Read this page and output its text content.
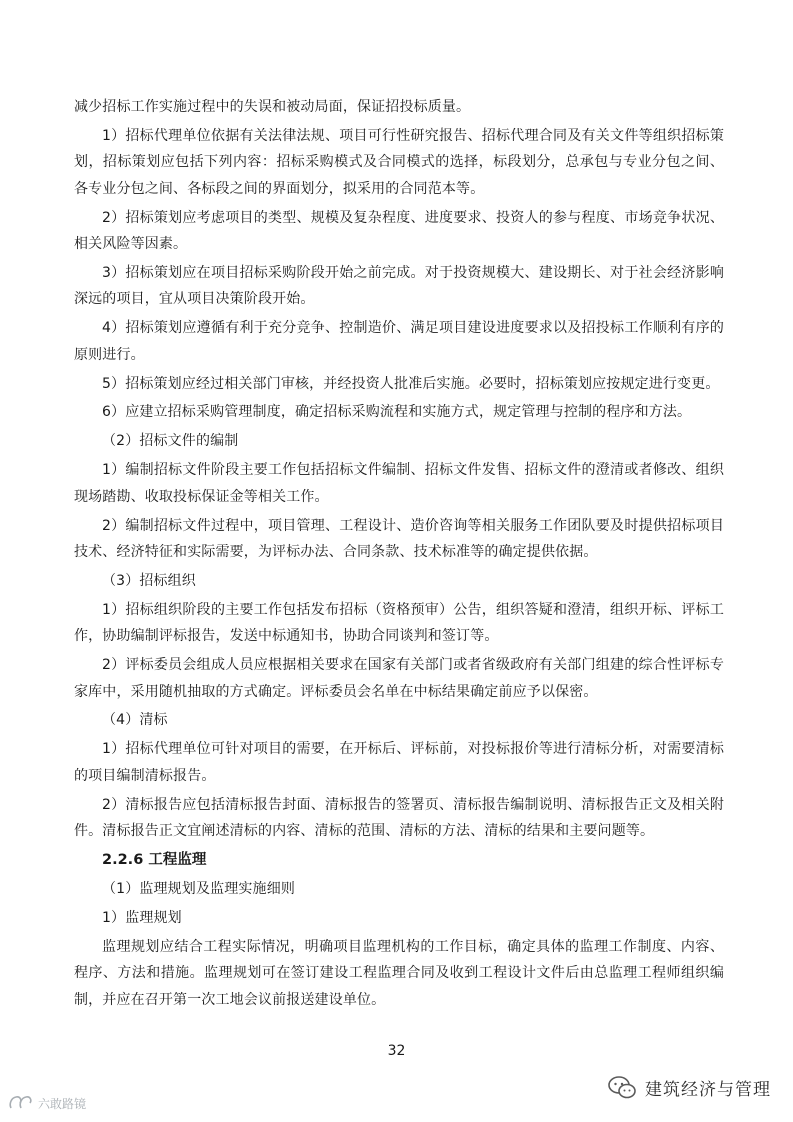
减少招标工作实施过程中的失误和被动局面，保证招投标质量。

1）招标代理单位依据有关法律法规、项目可行性研究报告、招标代理合同及有关文件等组织招标策划，招标策划应包括下列内容：招标采购模式及合同模式的选择，标段划分，总承包与专业分包之间、各专业分包之间、各标段之间的界面划分，拟采用的合同范本等。

2）招标策划应考虑项目的类型、规模及复杂程度、进度要求、投资人的参与程度、市场竞争状况、相关风险等因素。

3）招标策划应在项目招标采购阶段开始之前完成。对于投资规模大、建设期长、对于社会经济影响深远的项目，宜从项目决策阶段开始。

4）招标策划应遵循有利于充分竞争、控制造价、满足项目建设进度要求以及招投标工作顺利有序的原则进行。

5）招标策划应经过相关部门审核，并经投资人批准后实施。必要时，招标策划应按规定进行变更。

6）应建立招标采购管理制度，确定招标采购流程和实施方式，规定管理与控制的程序和方法。

（2）招标文件的编制

1）编制招标文件阶段主要工作包括招标文件编制、招标文件发售、招标文件的澄清或者修改、组织现场踏勘、收取投标保证金等相关工作。

2）编制招标文件过程中，项目管理、工程设计、造价咨询等相关服务工作团队要及时提供招标项目技术、经济特征和实际需要，为评标办法、合同条款、技术标准等的确定提供依据。

（3）招标组织

1）招标组织阶段的主要工作包括发布招标（资格预审）公告，组织答疑和澄清，组织开标、评标工作，协助编制评标报告，发送中标通知书，协助合同谈判和签订等。

2）评标委员会组成人员应根据相关要求在国家有关部门或者省级政府有关部门组建的综合性评标专家库中，采用随机抽取的方式确定。评标委员会名单在中标结果确定前应予以保密。

（4）清标

1）招标代理单位可针对项目的需要，在开标后、评标前，对投标报价等进行清标分析，对需要清标的项目编制清标报告。

2）清标报告应包括清标报告封面、清标报告的签署页、清标报告编制说明、清标报告正文及相关附件。清标报告正文宜阐述清标的内容、清标的范围、清标的方法、清标的结果和主要问题等。

2.2.6 工程监理

（1）监理规划及监理实施细则

1）监理规划

监理规划应结合工程实际情况，明确项目监理机构的工作目标，确定具体的监理工作制度、内容、程序、方法和措施。监理规划可在签订建设工程监理合同及收到工程设计文件后由总监理工程师组织编制，并应在召开第一次工地会议前报送建设单位。

32
六敢路镜
建筑经济与管理
